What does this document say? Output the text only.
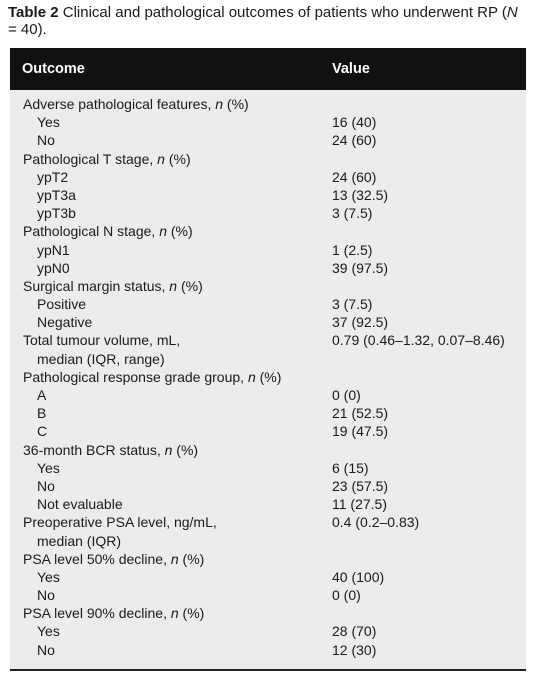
Table 2 Clinical and pathological outcomes of patients who underwent RP (N = 40).
Outcome	Value
Adverse pathological features, n (%)
Yes	16 (40)
No	24 (60)
Pathological T stage, n (%)
ypT2	24 (60)
ypT3a	13 (32.5)
ypT3b	3 (7.5)
Pathological N stage, n (%)
ypN1	1 (2.5)
ypN0	39 (97.5)
Surgical margin status, n (%)
Positive	3 (7.5)
Negative	37 (92.5)
Total tumour volume, mL,	0.79 (0.46–1.32, 0.07–8.46)
median (IQR, range)
Pathological response grade group, n (%)
A	0 (0)
B	21 (52.5)
C	19 (47.5)
36-month BCR status, n (%)
Yes	6 (15)
No	23 (57.5)
Not evaluable	11 (27.5)
Preoperative PSA level, ng/mL,	0.4 (0.2–0.83)
median (IQR)
PSA level 50% decline, n (%)
Yes	40 (100)
No	0 (0)
PSA level 90% decline, n (%)
Yes	28 (70)
No	12 (30)
